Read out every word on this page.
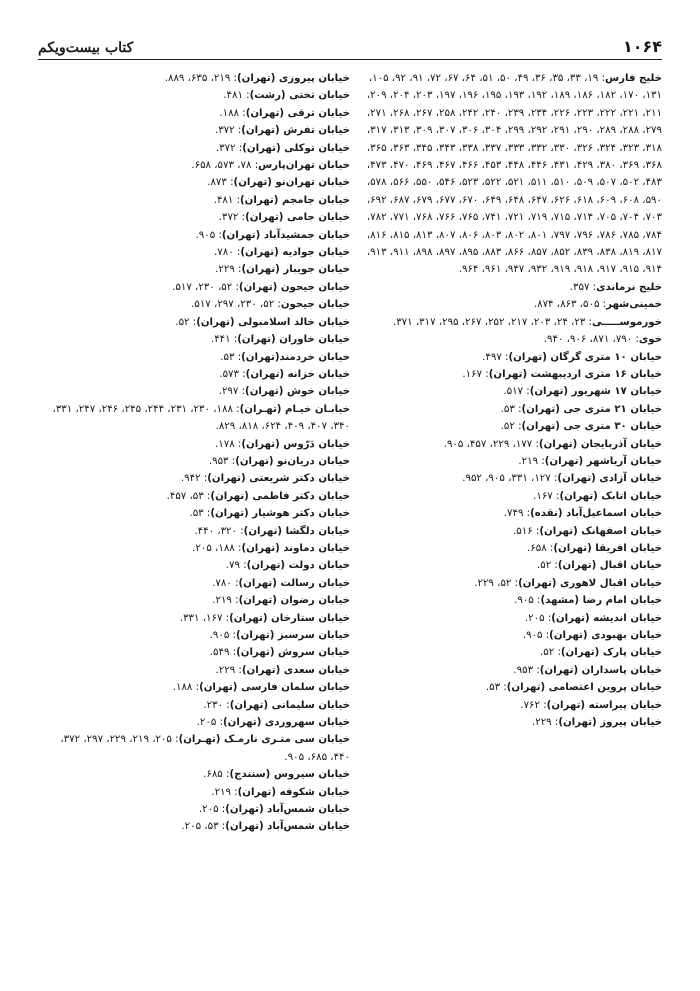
۱۰۶۴
کتاب بیست‌ویکم
خلیج فارس: ۱۹، ۳۳، ۳۵، ۳۶، ۴۹، ۵۰، ۵۱، ۶۴، ۶۷، ۷۲، ۹۱، ۹۲، ۱۰۵، ۱۳۱، ۱۷۰، ۱۸۲، ۱۸۶، ۱۸۹، ۱۹۲، ۱۹۳، ۱۹۵، ۱۹۶، ۱۹۷، ۲۰۳، ۲۰۴، ۲۰۹، ۲۱۱، ۲۲۱، ۲۲۲، ۲۲۳، ۲۲۶، ۲۳۴، ۲۳۹، ۲۴۰، ۲۴۲، ۲۵۸، ۲۶۷، ۲۶۸، ۲۷۱، ۲۷۹، ۲۸۸، ۲۸۹، ۲۹۰، ۲۹۱، ۲۹۲، ۲۹۹، ۳۰۴، ۳۰۶، ۳۰۷، ۳۰۹، ۳۱۳، ۳۱۷، ۳۱۸، ۳۲۳، ۳۲۴، ۳۲۶، ۳۳۰، ۳۳۲، ۳۳۳، ۳۳۷، ۳۳۸، ۳۴۳، ۳۴۵، ۳۶۳، ۳۶۵، ۳۶۸، ۳۶۹، ۳۸۰، ۴۲۹، ۴۳۱، ۴۴۶، ۴۴۸، ۴۵۳، ۴۶۶، ۴۶۷، ۴۶۹، ۴۷۰، ۴۷۳، ۴۸۳، ۵۰۲، ۵۰۷، ۵۰۹، ۵۱۰، ۵۱۱، ۵۲۱، ۵۲۲، ۵۲۳، ۵۴۶، ۵۵۰، ۵۶۶، ۵۷۸، ۵۹۰، ۶۰۸، ۶۰۹، ۶۱۸، ۶۲۶، ۶۴۷، ۶۴۸، ۶۴۹، ۶۷۰، ۶۷۷، ۶۷۹، ۶۸۷، ۶۹۲، ۷۰۳، ۷۰۴، ۷۰۵، ۷۱۴، ۷۱۵، ۷۱۹، ۷۲۱، ۷۴۱، ۷۶۵، ۷۶۶، ۷۶۸، ۷۷۱، ۷۸۲، ۷۸۴، ۷۸۵، ۷۸۶، ۷۹۶، ۷۹۷، ۸۰۱، ۸۰۲، ۸۰۳، ۸۰۶، ۸۰۷، ۸۱۳، ۸۱۵، ۸۱۶، ۸۱۷، ۸۱۹، ۸۳۸، ۸۳۹، ۸۵۲، ۸۵۷، ۸۶۶، ۸۸۳، ۸۹۵، ۸۹۷، ۸۹۸، ۹۱۱، ۹۱۳، ۹۱۴، ۹۱۵، ۹۱۷، ۹۱۸، ۹۱۹، ۹۳۲، ۹۴۷، ۹۶۱، ۹۶۴.
خلیج نرماندی: ۳۵۷.
خمینی‌شهر: ۵۰۵، ۸۶۳، ۸۷۴.
خورموســـــی: ۲۳، ۲۴، ۲۰۳، ۲۱۷، ۲۵۲، ۲۶۷، ۲۹۵، ۳۱۷، ۳۷۱.
خوی: ۷۹۰، ۸۷۱، ۹۰۶، ۹۴۰.
خیابان ۱۰ متری گرگان (تهران): ۴۹۷.
خیابان ۱۶ متری اردیبهشت (تهران): ۱۶۷.
خیابان ۱۷ شهریور (تهران): ۵۱۷.
خیابان ۲۱ متری جی (تهران): ۵۳.
خیابان ۳۰ متری جی (تهران): ۵۲.
خیابان آذربایجان (تهران): ۱۷۷، ۲۲۹، ۴۵۷، ۹۰۵.
خیابان آریاشهر (تهران): ۲۱۹.
خیابان آزادی (تهران): ۱۲۷، ۳۳۱، ۹۰۵، ۹۵۲.
خیابان اتابک (تهران): ۱۶۷.
خیابان اسماعیل‌آباد (نقده): ۷۴۹.
خیابان اصفهانک (تهران): ۵۱۶.
خیابان افریقا (تهران): ۶۵۸.
خیابان اقبال (تهران): ۵۲.
خیابان اقبال لاهوری (تهران): ۵۲، ۲۲۹.
خیابان امام رضا (مشهد): ۹۰۵.
خیابان اندیشه (تهران): ۲۰۵.
خیابان بهبودی (تهران): ۹۰۵.
خیابان پارک (تهران): ۵۲.
خیابان پاسداران (تهران): ۹۵۳.
خیابان پروین اعتصامی (تهران): ۵۳.
خیابان پیراسته (تهران): ۷۶۲.
خیابان پیروز (تهران): ۲۲۹.
خیابان پیروزی (تهران): ۲۱۹، ۶۳۵، ۸۸۹.
خیابان تختی (رشت): ۴۸۱.
خیابان ترقی (تهران): ۱۸۸.
خیابان تفرش (تهران): ۳۷۲.
خیابان توکلی (تهران): ۳۷۲.
خیابان تهران‌پارس: ۷۸، ۵۷۳، ۶۵۸.
خیابان تهران‌نو (تهران): ۸۷۳.
خیابان جامجم (تهران): ۴۸۱.
خیابان جامی (تهران): ۳۷۲.
خیابان جمشیدآباد (تهران): ۹۰۵.
خیابان جوادیه (تهران): ۷۸۰.
خیابان جویبار (تهران): ۲۲۹.
خیابان جیحون (تهران): ۵۲، ۲۳۰، ۵۱۷.
خیابان جیحون: ۵۲، ۲۳۰، ۲۹۷، ۵۱۷.
خیابان خالد اسلامبولی (تهران): ۵۲.
خیابان خاوران (تهران): ۴۴۱.
خیابان خردمند(تهران): ۵۳.
خیابان خزانه (تهران): ۵۷۳.
خیابان خوش (تهران): ۲۹۷.
خیابـان خیـام (تهـران): ۱۸۸، ۲۳۰، ۲۳۱، ۲۴۴، ۲۴۵، ۲۴۶، ۲۴۷، ۳۳۱، ۳۴۰، ۴۰۷، ۴۰۹، ۶۲۴، ۸۱۸، ۸۲۹.
خیابان دَرّوس (تهران): ۱۷۸.
خیابان دریان‌نو (تهران): ۹۵۳.
خیابان دکتر شریعتی (تهران): ۹۴۲.
خیابان دکتر فاطمی (تهران): ۵۳، ۴۵۷.
خیابان دکتر هوشیار (تهران): ۵۳.
خیابان دلگشا (تهران): ۳۲۰، ۴۴۰.
خیابان دماوند (تهران): ۱۸۸، ۲۰۵.
خیابان دولت (تهران): ۷۹.
خیابان رسالت (تهران): ۷۸۰.
خیابان رضوان (تهران): ۲۱۹.
خیابان ستارخان (تهران): ۱۶۷، ۳۳۱.
خیابان سرسبز (تهران): ۹۰۵.
خیابان سروش (تهران): ۵۴۹.
خیابان سعدی (تهران): ۲۲۹.
خیابان سلمان فارسی (تهران): ۱۸۸.
خیابان سلیمانی (تهران): ۲۳۰.
خیابان سهروردی (تهران): ۲۰۵.
خیابان سی متـری نارمـک (تهـران): ۲۰۵، ۲۱۹، ۲۲۹، ۲۹۷، ۳۷۲، ۴۴۰، ۶۸۵، ۹۰۵.
خیابان سیروس (سنندج): ۶۸۵.
خیابان شکوفه (تهران): ۲۱۹.
خیابان شمس‌آباد (تهران): ۲۰۵.
خیابان شمس‌آباد (تهران): ۵۳، ۲۰۵.
